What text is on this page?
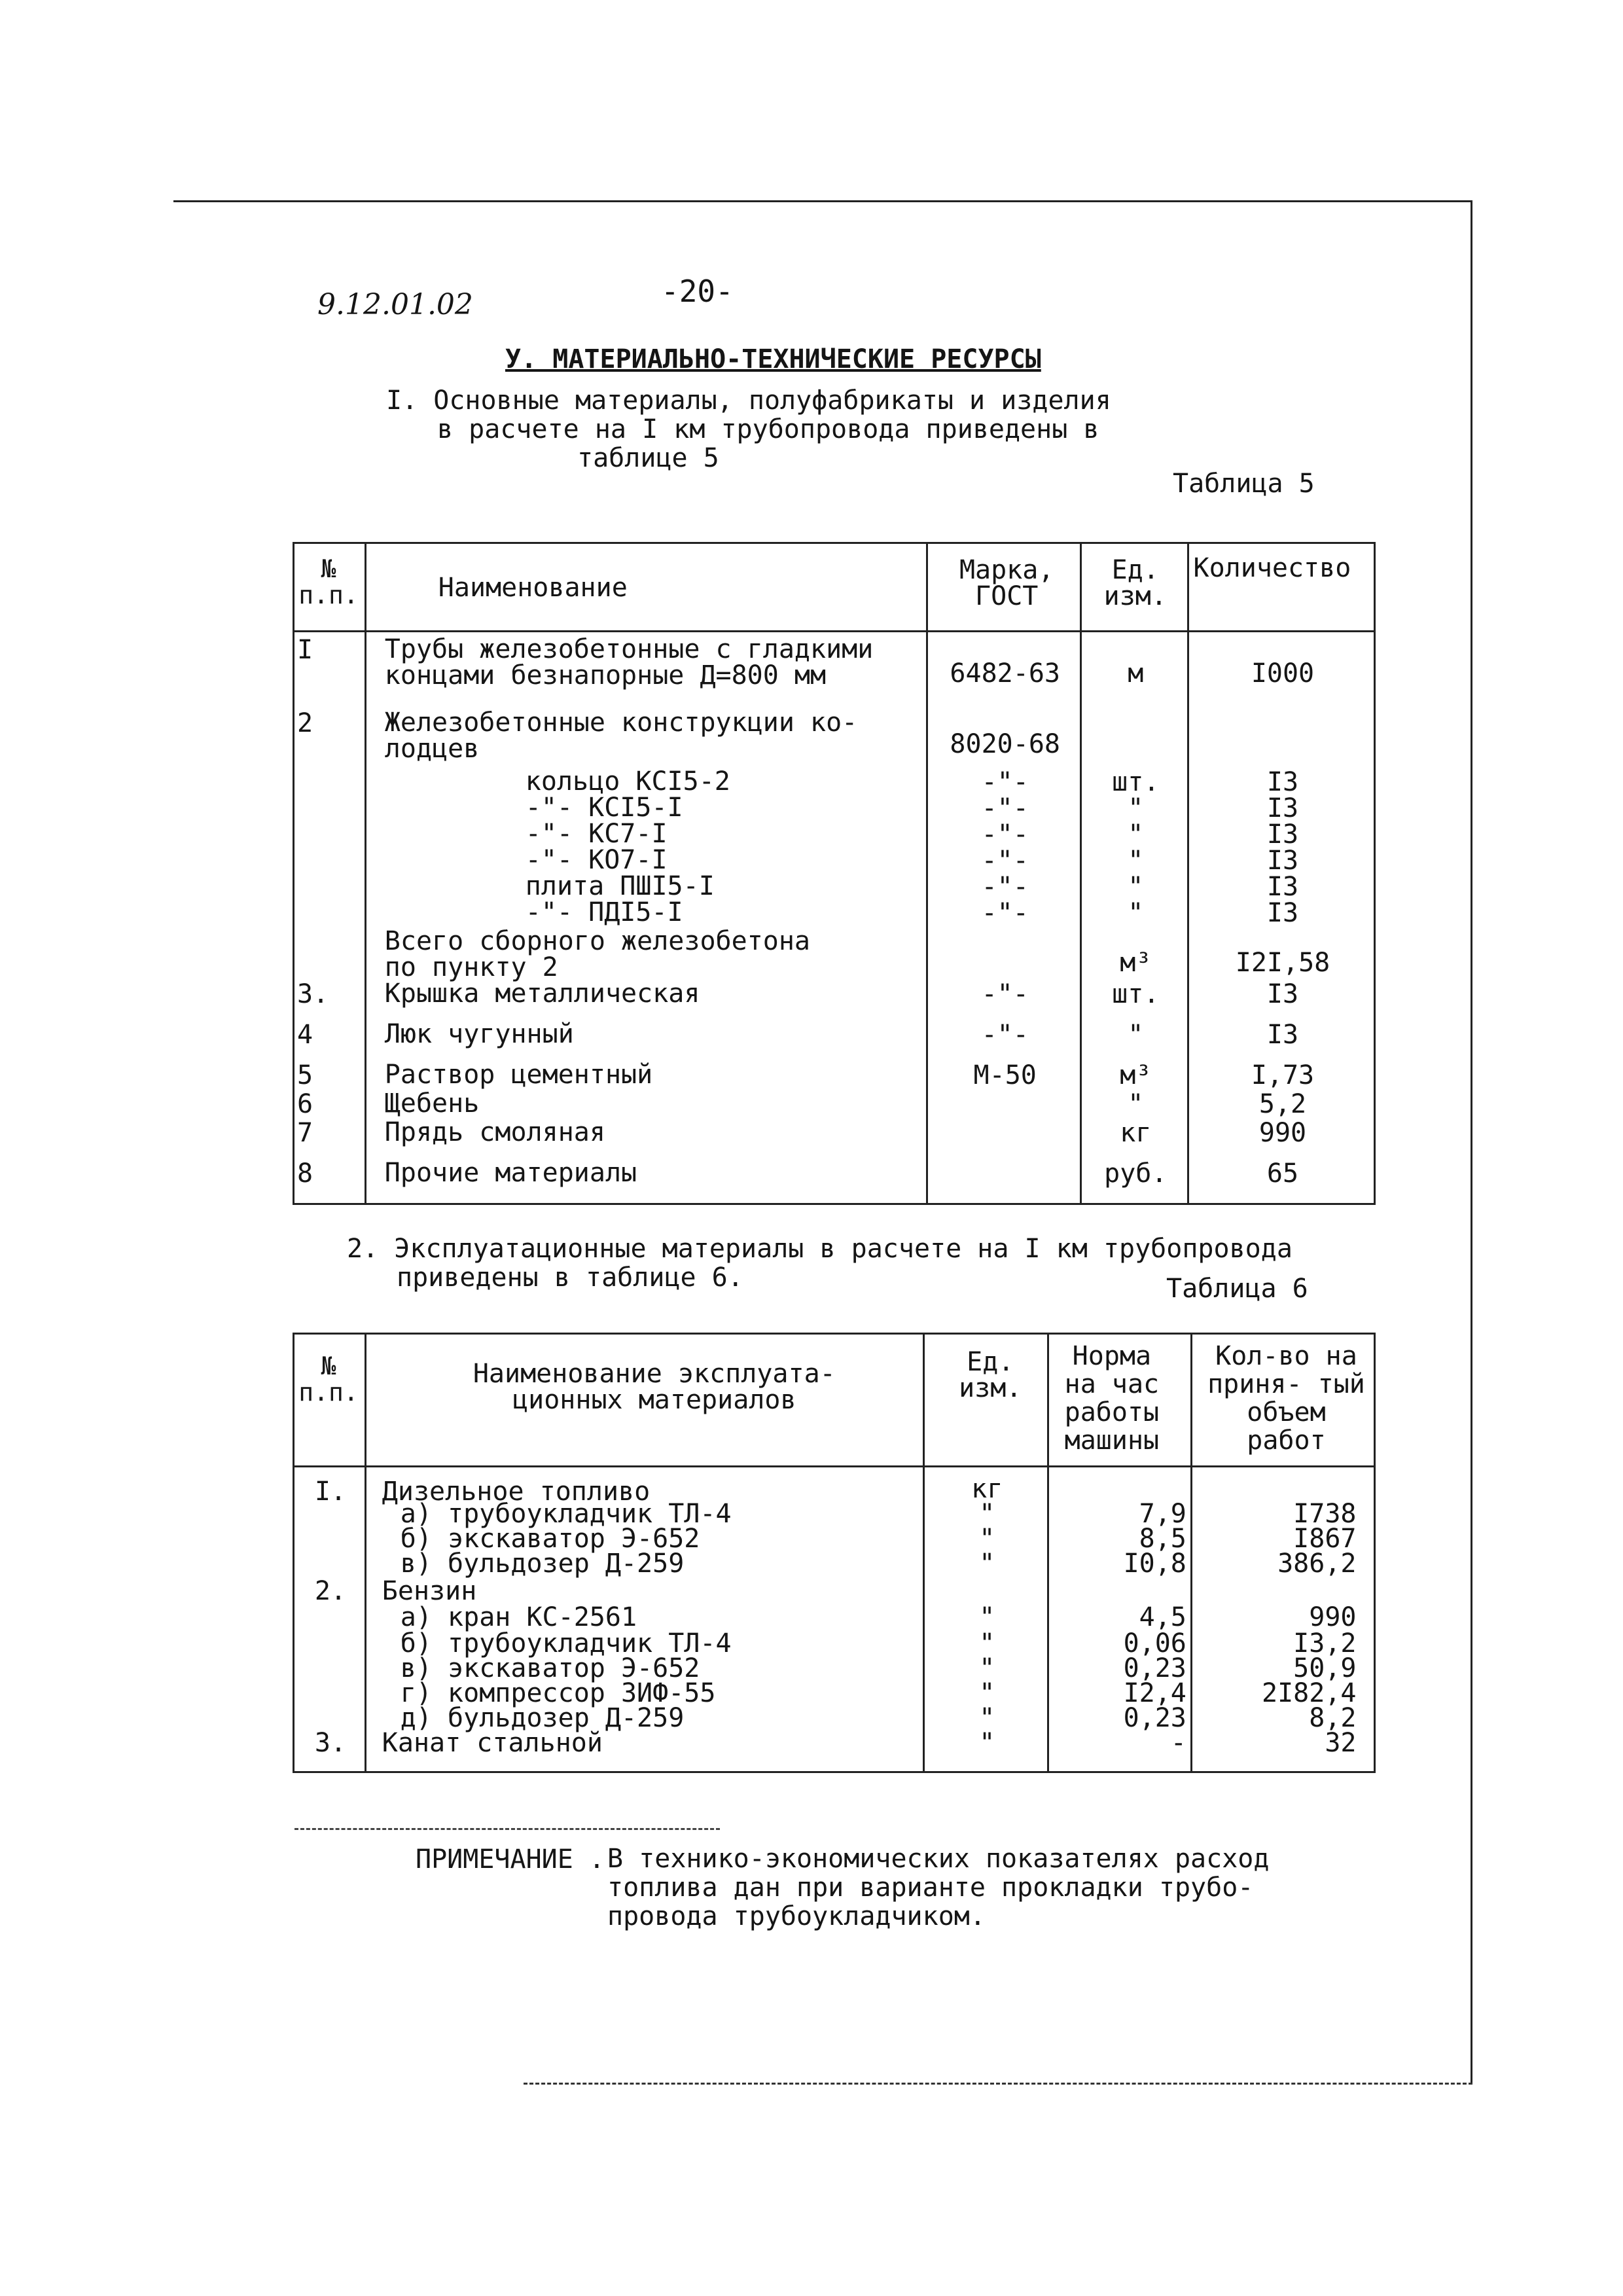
9.12.01.02	-20-
У. МАТЕРИАЛЬНО-ТЕХНИЧЕСКИЕ РЕСУРСЫ
I. Основные материалы, полуфабрикаты и изделия
в расчете на I км трубопровода приведены в
таблице 5
Таблица 5
№ п.п.	Наименование	Марка, ГОСТ	Ед. изм.	Количество

I	Трубы железобетонные с гладкими
концами безнапорные Д=800 мм	6482-63	м	I000

2	Железобетонные конструкции ко-
лодцев	8020-68		

	кольцо КСI5-2	-"-	шт.	I3

	-"- КСI5-I	-"-	"	I3

	-"- КС7-I	-"-	"	I3

	-"- КО7-I	-"-	"	I3

	плита ПШI5-I	-"-	"	I3

	-"- ПДI5-I	-"-	"	I3

	Всего сборного железобетона
по пункту 2		м³	I2I,58

3.	Крышка металлическая	-"-	шт.	I3

4	Люк чугунный	-"-	"	I3

5	Раствор цементный	М-50	м³	I,73

6	Щебень		"	5,2

7	Прядь смоляная		кг	990

8	Прочие материалы		руб.	65
2. Эксплуатационные материалы в расчете на I км трубопровода
приведены в таблице 6.	Таблица 6
№ п.п.	Наименование эксплуата- ционных материалов	Ед. изм.	Норма на час работы машины	Кол-во на приня- тый объем работ

I.	Дизельное топливо	кг		

	а) трубоукладчик ТЛ-4	"	7,9	I738

	б) экскаватор Э-652	"	8,5	I867

	в) бульдозер Д-259	"	I0,8	386,2

2.	Бензин			

	а) кран КС-2561	"	4,5	990

	б) трубоукладчик ТЛ-4	"	0,06	I3,2

	в) экскаватор Э-652	"	0,23	50,9

	г) компрессор ЗИФ-55	"	I2,4	2I82,4

	д) бульдозер Д-259	"	0,23	8,2

3.	Канат стальной	"	-	32
ПРИМЕЧАНИЕ . В технико-экономических показателях расход
топлива дан при варианте прокладки трубо-
провода трубоукладчиком.
